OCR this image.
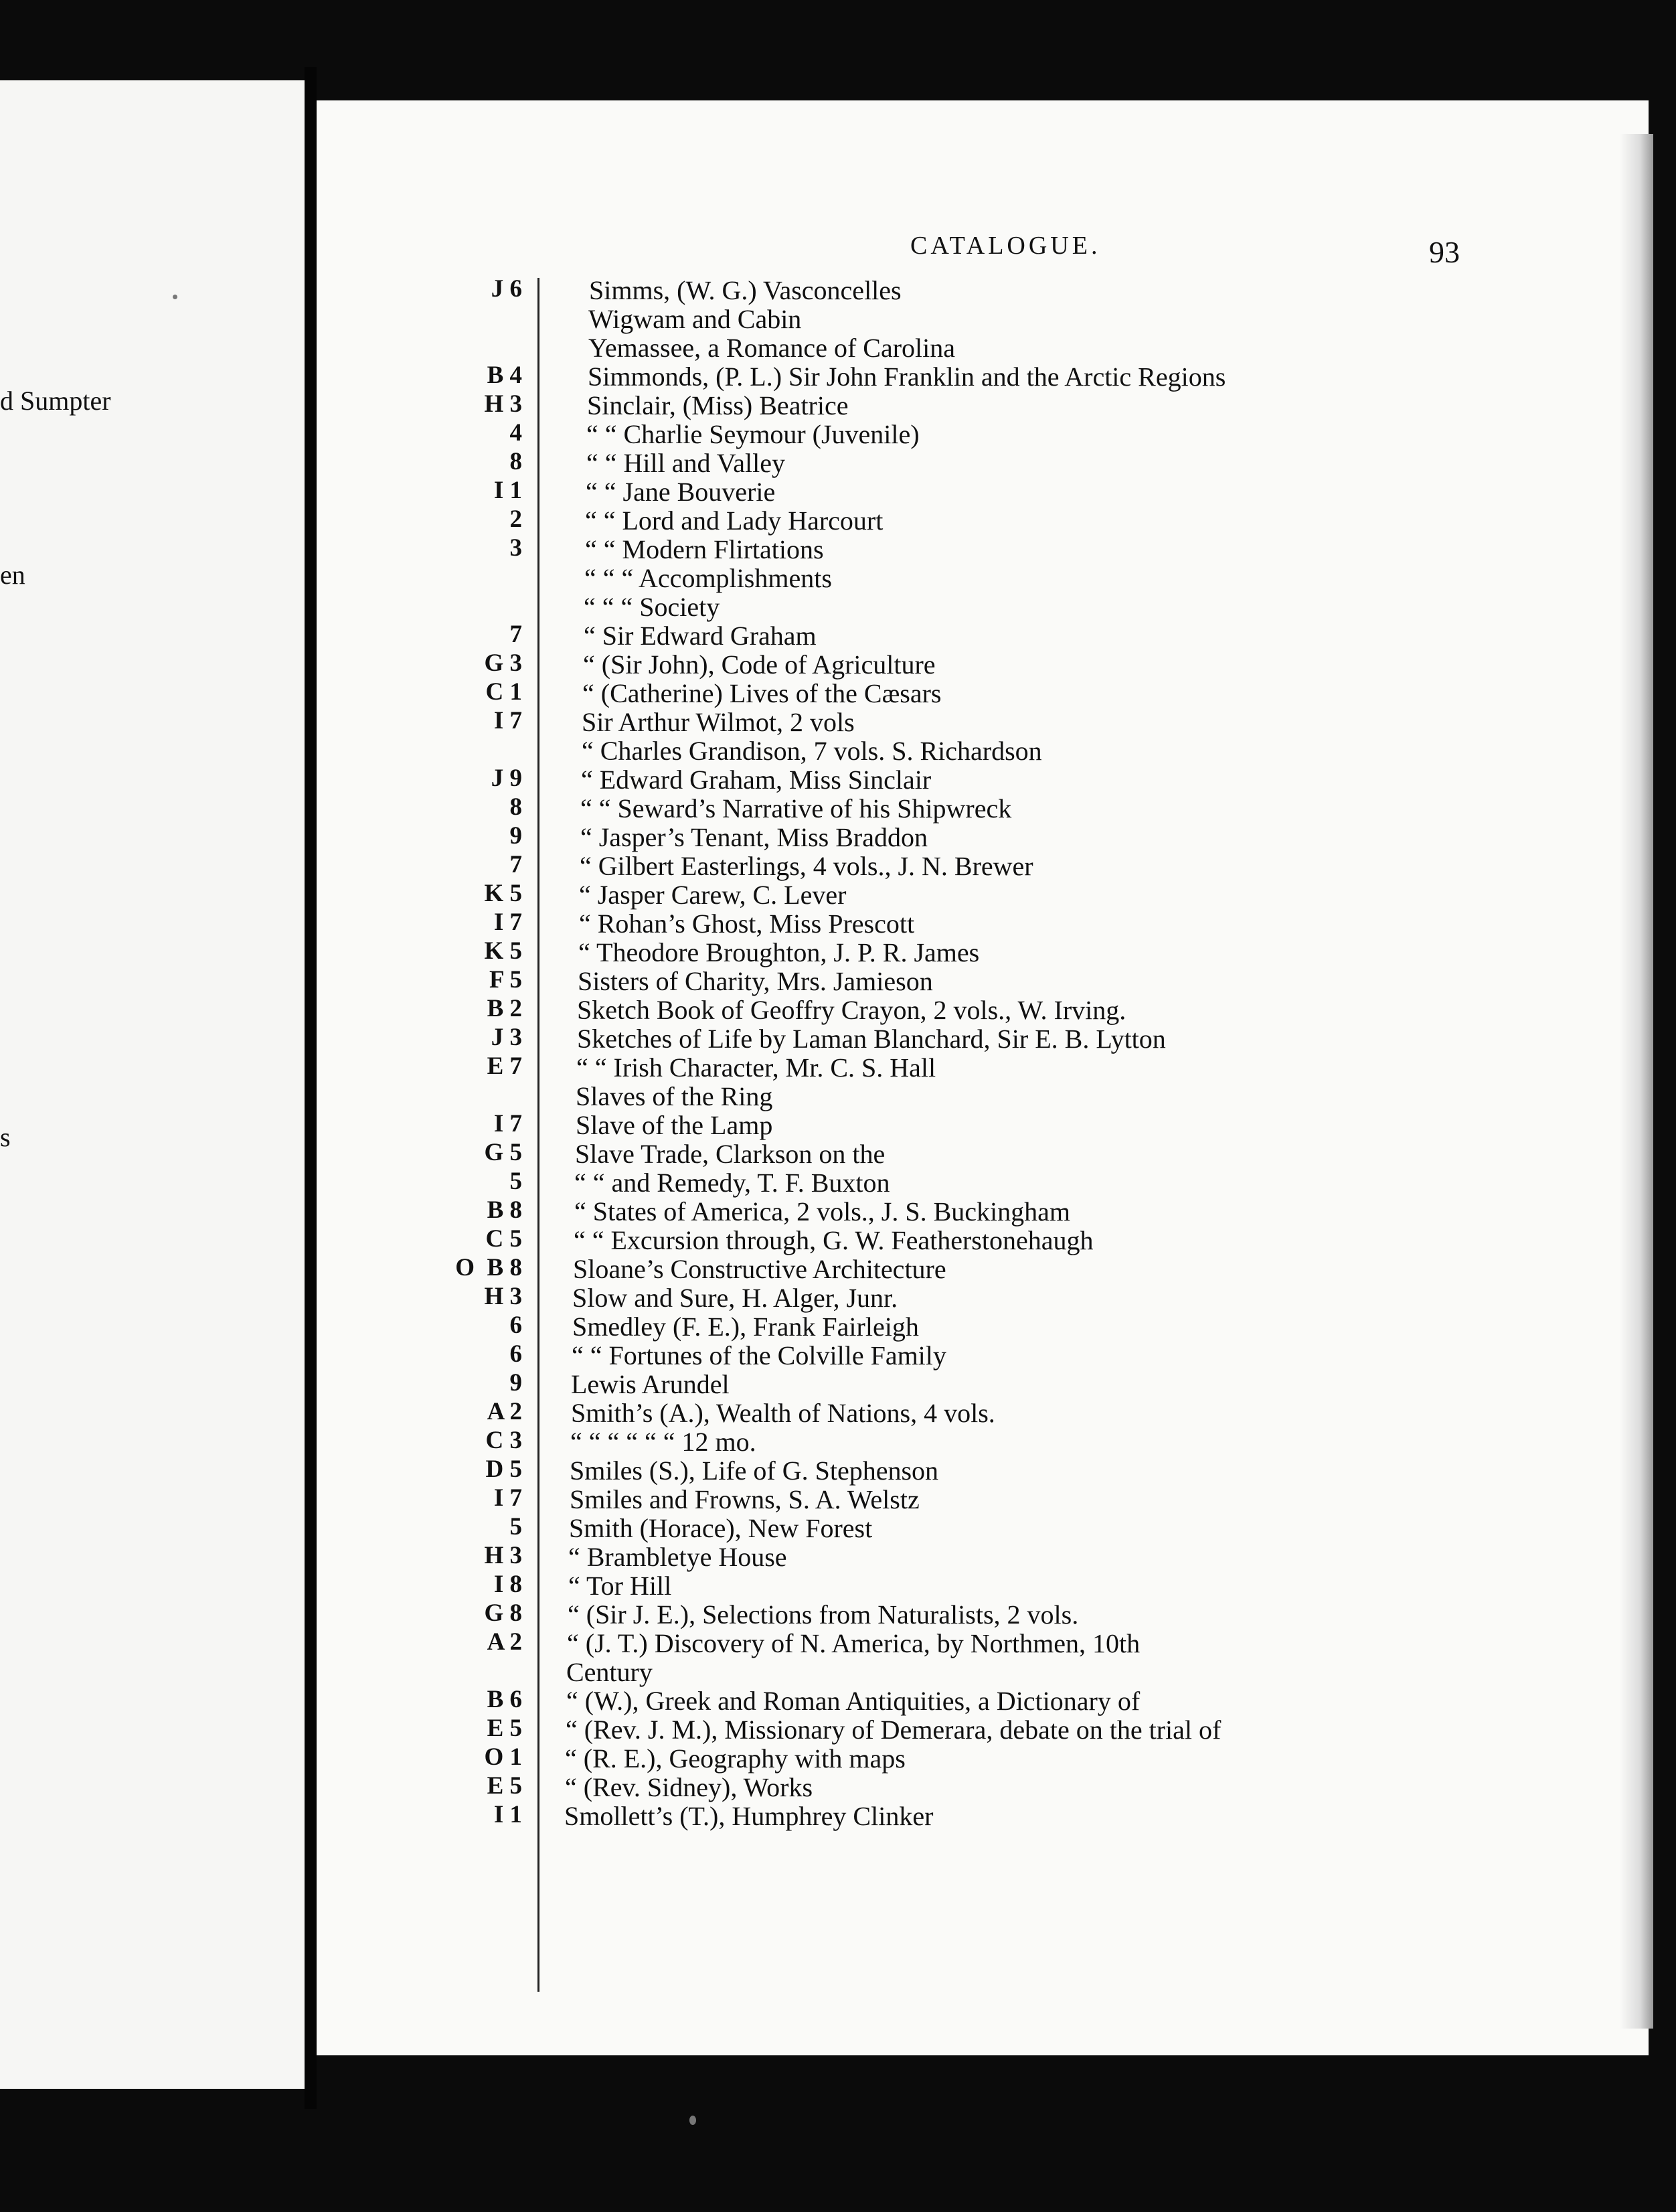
d Sumpter
en
s
CATALOGUE.	93
J 6 Simms, (W. G.) Vasconcelles
Wigwam and Cabin
Yemassee, a Romance of Carolina
B 4 Simmonds, (P. L.) Sir John Franklin and the Arctic Regions
H 3 Sinclair, (Miss) Beatrice
4 “ “ Charlie Seymour (Juvenile)
8 “ “ Hill and Valley
I 1 “ “ Jane Bouverie
2 “ “ Lord and Lady Harcourt
3 “ “ Modern Flirtations
“ “ “ Accomplishments
“ “ “ Society
7 “ Sir Edward Graham
G 3 “ (Sir John), Code of Agriculture
C 1 “ (Catherine) Lives of the Cæsars
I 7 Sir Arthur Wilmot, 2 vols
“ Charles Grandison, 7 vols. S. Richardson
J 9 “ Edward Graham, Miss Sinclair
8 “ “ Seward’s Narrative of his Shipwreck
9 “ Jasper’s Tenant, Miss Braddon
7 “ Gilbert Easterlings, 4 vols., J. N. Brewer
K 5 “ Jasper Carew, C. Lever
I 7 “ Rohan’s Ghost, Miss Prescott
K 5 “ Theodore Broughton, J. P. R. James
F 5 Sisters of Charity, Mrs. Jamieson
B 2 Sketch Book of Geoffry Crayon, 2 vols., W. Irving.
J 3 Sketches of Life by Laman Blanchard, Sir E. B. Lytton
E 7 “ “ Irish Character, Mr. C. S. Hall
Slaves of the Ring
I 7 Slave of the Lamp
G 5 Slave Trade, Clarkson on the
5 “ “ and Remedy, T. F. Buxton
B 8 “ States of America, 2 vols., J. S. Buckingham
C 5 “ “ Excursion through, G. W. Featherstonehaugh
O  B 8 Sloane’s Constructive Architecture
H 3 Slow and Sure, H. Alger, Junr.
6 Smedley (F. E.), Frank Fairleigh
6 “ “ Fortunes of the Colville Family
9 Lewis Arundel
A 2 Smith’s (A.), Wealth of Nations, 4 vols.
C 3 “ “ “ “ “ “ 12 mo.
D 5 Smiles (S.), Life of G. Stephenson
I 7 Smiles and Frowns, S. A. Welstz
5 Smith (Horace), New Forest
H 3 “ Brambletye House
I 8 “ Tor Hill
G 8 “ (Sir J. E.), Selections from Naturalists, 2 vols.
A 2 “ (J. T.) Discovery of N. America, by Northmen, 10th
Century
B 6 “ (W.), Greek and Roman Antiquities, a Dictionary of
E 5 “ (Rev. J. M.), Missionary of Demerara, debate on the trial of
O 1 “ (R. E.), Geography with maps
E 5 “ (Rev. Sidney), Works
I 1 Smollett’s (T.), Humphrey Clinker
